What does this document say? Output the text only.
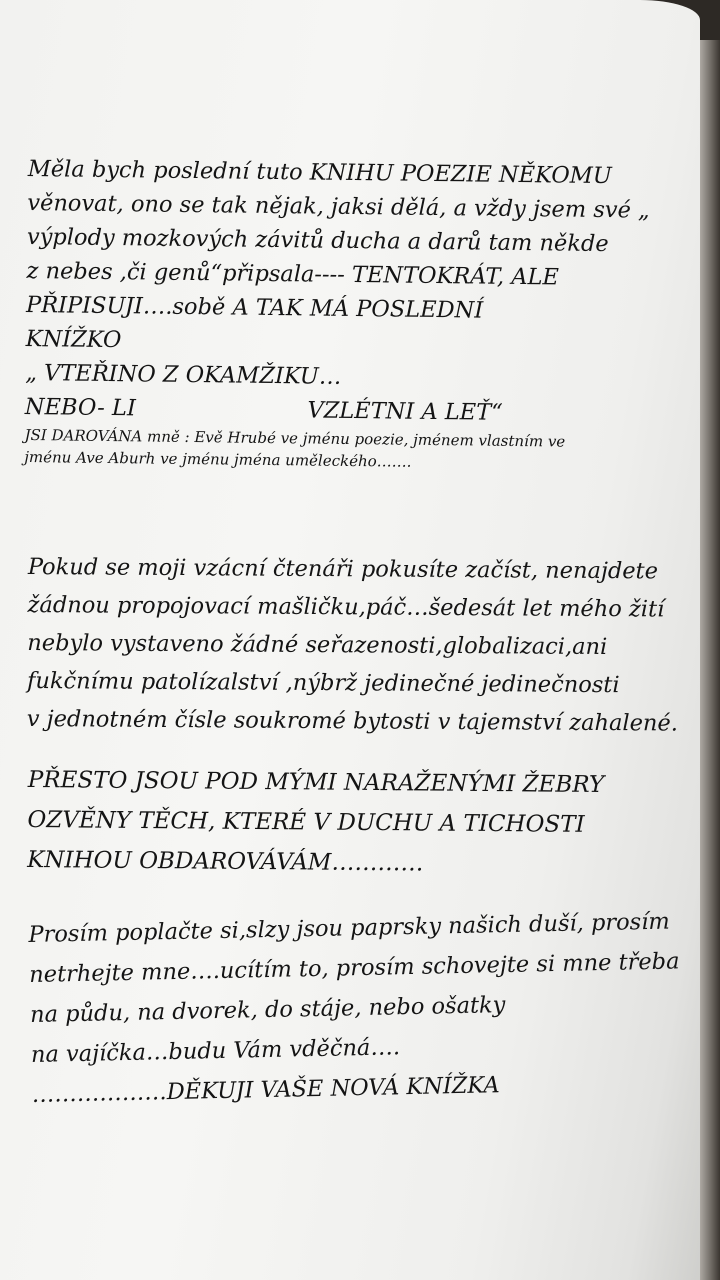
Měla bych poslední tuto KNIHU POEZIE NĚKOMU
věnovat, ono se tak nějak, jaksi dělá, a vždy jsem své „
výplody mozkových závitů ducha a darů tam někde
z nebes ,či genů“připsala---- TENTOKRÁT, ALE
PŘIPISUJI….sobě A TAK MÁ POSLEDNÍ
KNÍŽKO
„ VTEŘINO Z OKAMŽIKU…
NEBO- LI                        VZLÉTNI A LEŤ“
JSI DAROVÁNA mně : Evě Hrubé ve jménu poezie, jménem vlastním ve
jménu Ave Aburh ve jménu jména uměleckého…….
Pokud se moji vzácní čtenáři pokusíte začíst, nenajdete
žádnou propojovací mašličku,páč…šedesát let mého žití
nebylo vystaveno žádné seřazenosti,globalizaci,ani
fukčnímu patolízalství ,nýbrž jedinečné jedinečnosti
v jednotném čísle soukromé bytosti v tajemství zahalené.
PŘESTO JSOU POD MÝMI NARAŽENÝMI ŽEBRY
OZVĚNY TĚCH, KTERÉ V DUCHU A TICHOSTI
KNIHOU OBDAROVÁVÁM…………
Prosím poplačte si,slzy jsou paprsky našich duší, prosím
netrhejte mne….ucítím to, prosím schovejte si mne třeba
na půdu, na dvorek, do stáje, nebo ošatky
na vajíčka…budu Vám vděčná….
………………DĚKUJI VAŠE NOVÁ KNÍŽKA
